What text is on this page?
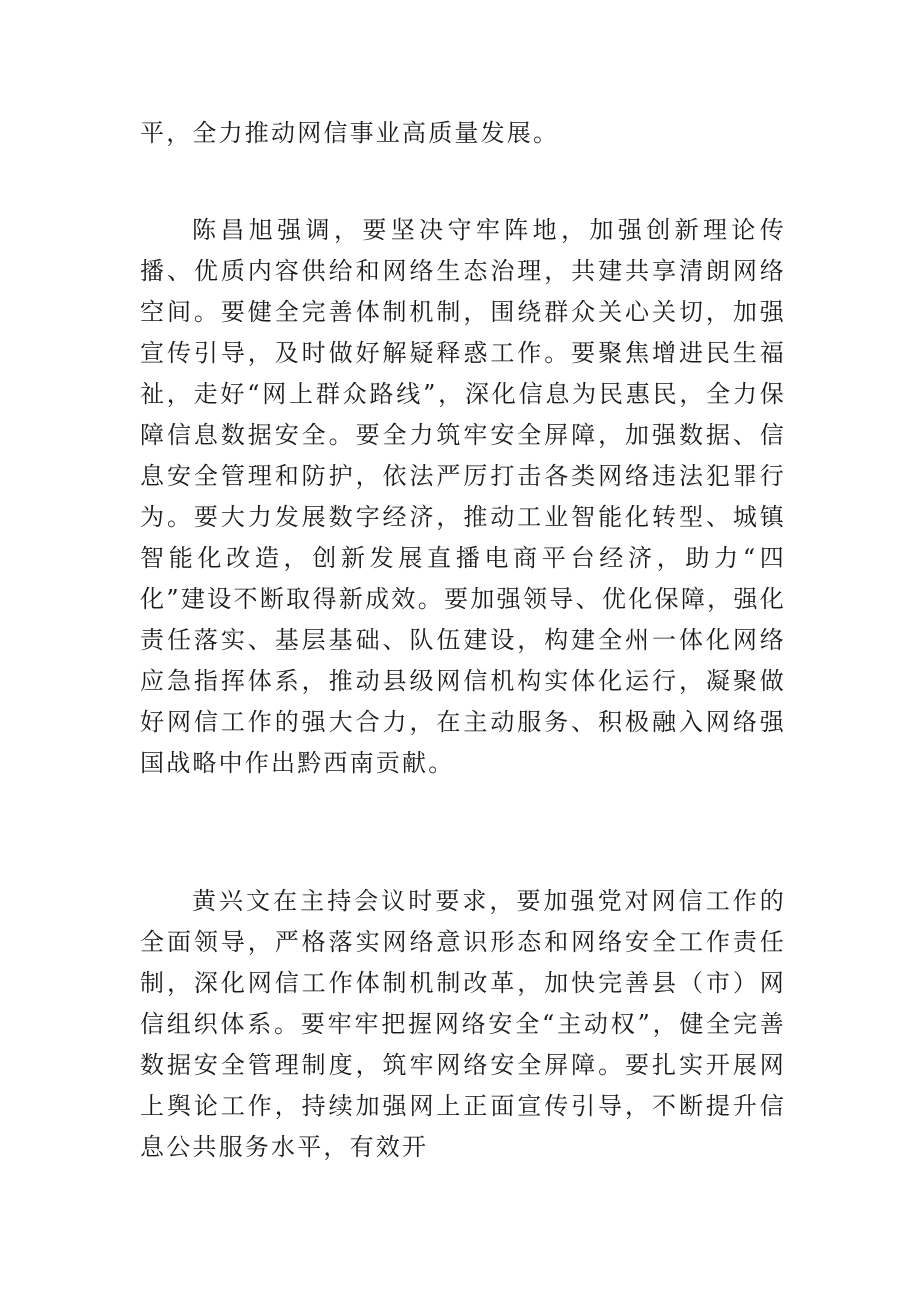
平，全力推动网信事业高质量发展。

陈昌旭强调，要坚决守牢阵地，加强创新理论传播、优质内容供给和网络生态治理，共建共享清朗网络空间。要健全完善体制机制，围绕群众关心关切，加强宣传引导，及时做好解疑释惑工作。要聚焦增进民生福祉，走好“网上群众路线”，深化信息为民惠民，全力保障信息数据安全。要全力筑牢安全屏障，加强数据、信息安全管理和防护，依法严厉打击各类网络违法犯罪行为。要大力发展数字经济，推动工业智能化转型、城镇智能化改造，创新发展直播电商平台经济，助力“四化”建设不断取得新成效。要加强领导、优化保障，强化责任落实、基层基础、队伍建设，构建全州一体化网络应急指挥体系，推动县级网信机构实体化运行，凝聚做好网信工作的强大合力，在主动服务、积极融入网络强国战略中作出黔西南贡献。

黄兴文在主持会议时要求，要加强党对网信工作的全面领导，严格落实网络意识形态和网络安全工作责任制，深化网信工作体制机制改革，加快完善县（市）网信组织体系。要牢牢把握网络安全“主动权”，健全完善数据安全管理制度，筑牢网络安全屏障。要扎实开展网上舆论工作，持续加强网上正面宣传引导，不断提升信息公共服务水平，有效开
